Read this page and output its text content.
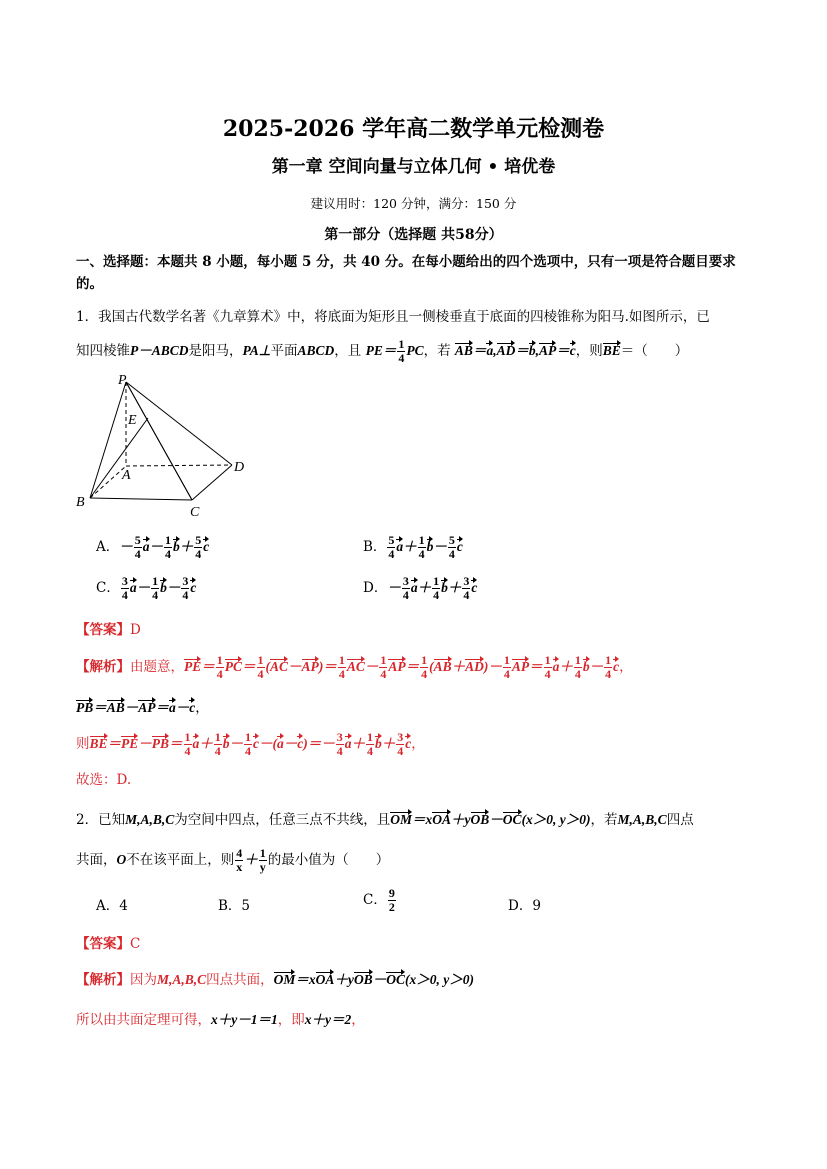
2025-2026 学年高二数学单元检测卷
第一章 空间向量与立体几何 • 培优卷
建议用时：120 分钟，满分：150 分
第一部分（选择题 共58分）
一、选择题：本题共 8 小题，每小题 5 分，共 40 分。在每小题给出的四个选项中，只有一项是符合题目要求的。
1．我国古代数学名著《九章算术》中，将底面为矩形且一侧棱垂直于底面的四棱锥称为阳马.如图所示，已
知四棱锥P－ABCD是阳马，PA⊥平面ABCD，且 $PE= \frac{1}{4}$ PC，若 AB＝a,AD＝b,AP＝c，则BE＝（　　）
P
E
A
B
C
D
A．－ $\frac{5}{4} a- \frac{1}{4} b+ \frac{5}{4}$ c	B． $\frac{5}{4} a+ \frac{1}{4} b- \frac{5}{4}$ c
C． $\frac{3}{4} a- \frac{1}{4} b- \frac{3}{4}$ c	D．－ $\frac{3}{4} a+ \frac{1}{4} b+ \frac{3}{4}$ c
【答案】D
【解析】由题意，$PE= \frac{1}{4} PC= \frac{1}{4} (AC-AP)= \frac{1}{4} AC- \frac{1}{4} AP= \frac{1}{4} (AB+AD)- \frac{1}{4} AP= \frac{1}{4} a+ \frac{1}{4} b- \frac{1}{4}$ c，
PB＝AB－AP＝a－c，
则$BE=PE-PB= \frac{1}{4} a+ \frac{1}{4} b- \frac{1}{4} c-(a-c)=- \frac{3}{4} a+ \frac{1}{4} b+ \frac{3}{4}$ c，
故选：D.
2．已知M,A,B,C为空间中四点，任意三点不共线，且OM＝xOA＋yOB－OC(x＞0, y＞0)，若M,A,B,C四点
共面，O不在该平面上，则 $\frac{4}{x} + \frac{1}{y}$ 的最小值为（　　）
A．4	B．5	C． $\frac{9}{2}$	D．9
【答案】C
【解析】因为M,A,B,C四点共面，OM＝xOA＋yOB－OC(x＞0, y＞0)
所以由共面定理可得，x＋y－1＝1，即x＋y＝2，
